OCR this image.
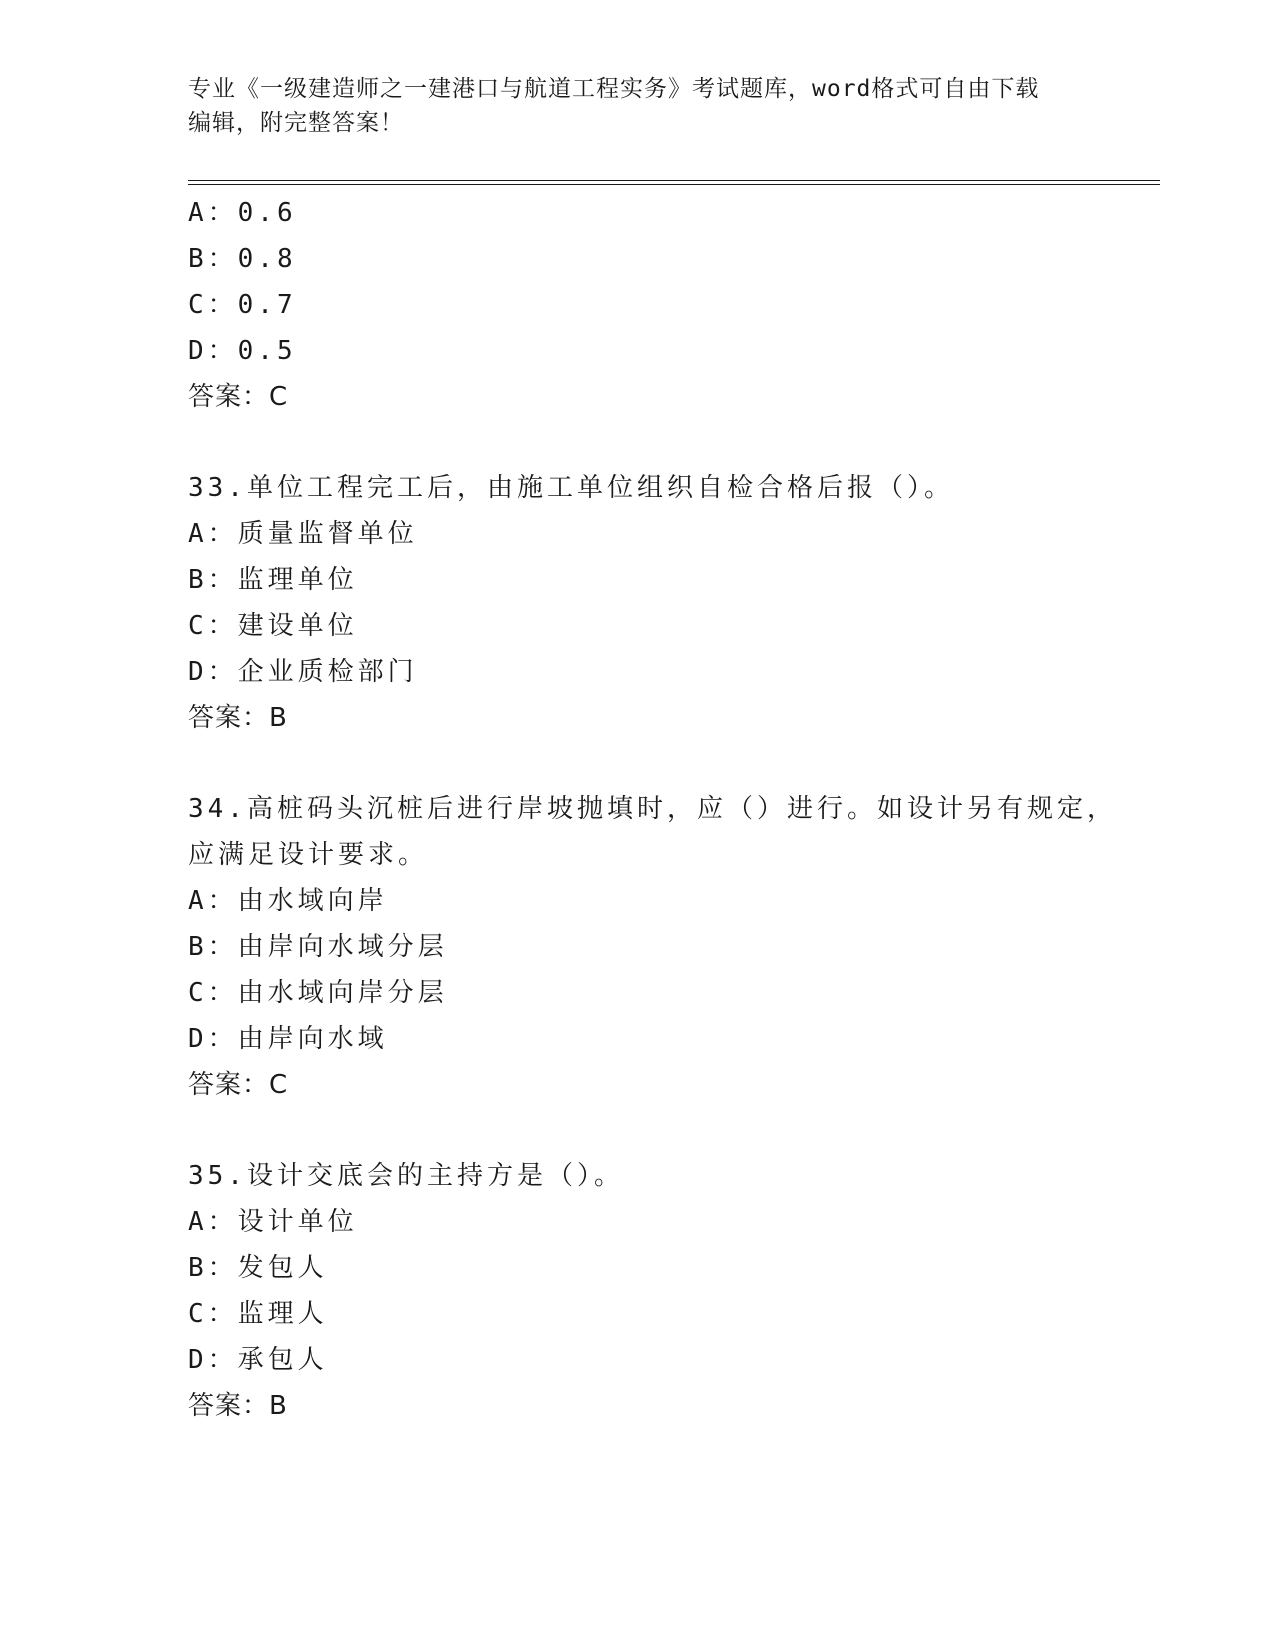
专业《一级建造师之一建港口与航道工程实务》考试题库，word格式可自由下载
编辑，附完整答案！
A：0.6
B：0.8
C：0.7
D：0.5
答案：C
33.单位工程完工后，由施工单位组织自检合格后报（）。
A：质量监督单位
B：监理单位
C：建设单位
D：企业质检部门
答案：B
34.高桩码头沉桩后进行岸坡抛填时，应（）进行。如设计另有规定，
应满足设计要求。
A：由水域向岸
B：由岸向水域分层
C：由水域向岸分层
D：由岸向水域
答案：C
35.设计交底会的主持方是（）。
A：设计单位
B：发包人
C：监理人
D：承包人
答案：B
